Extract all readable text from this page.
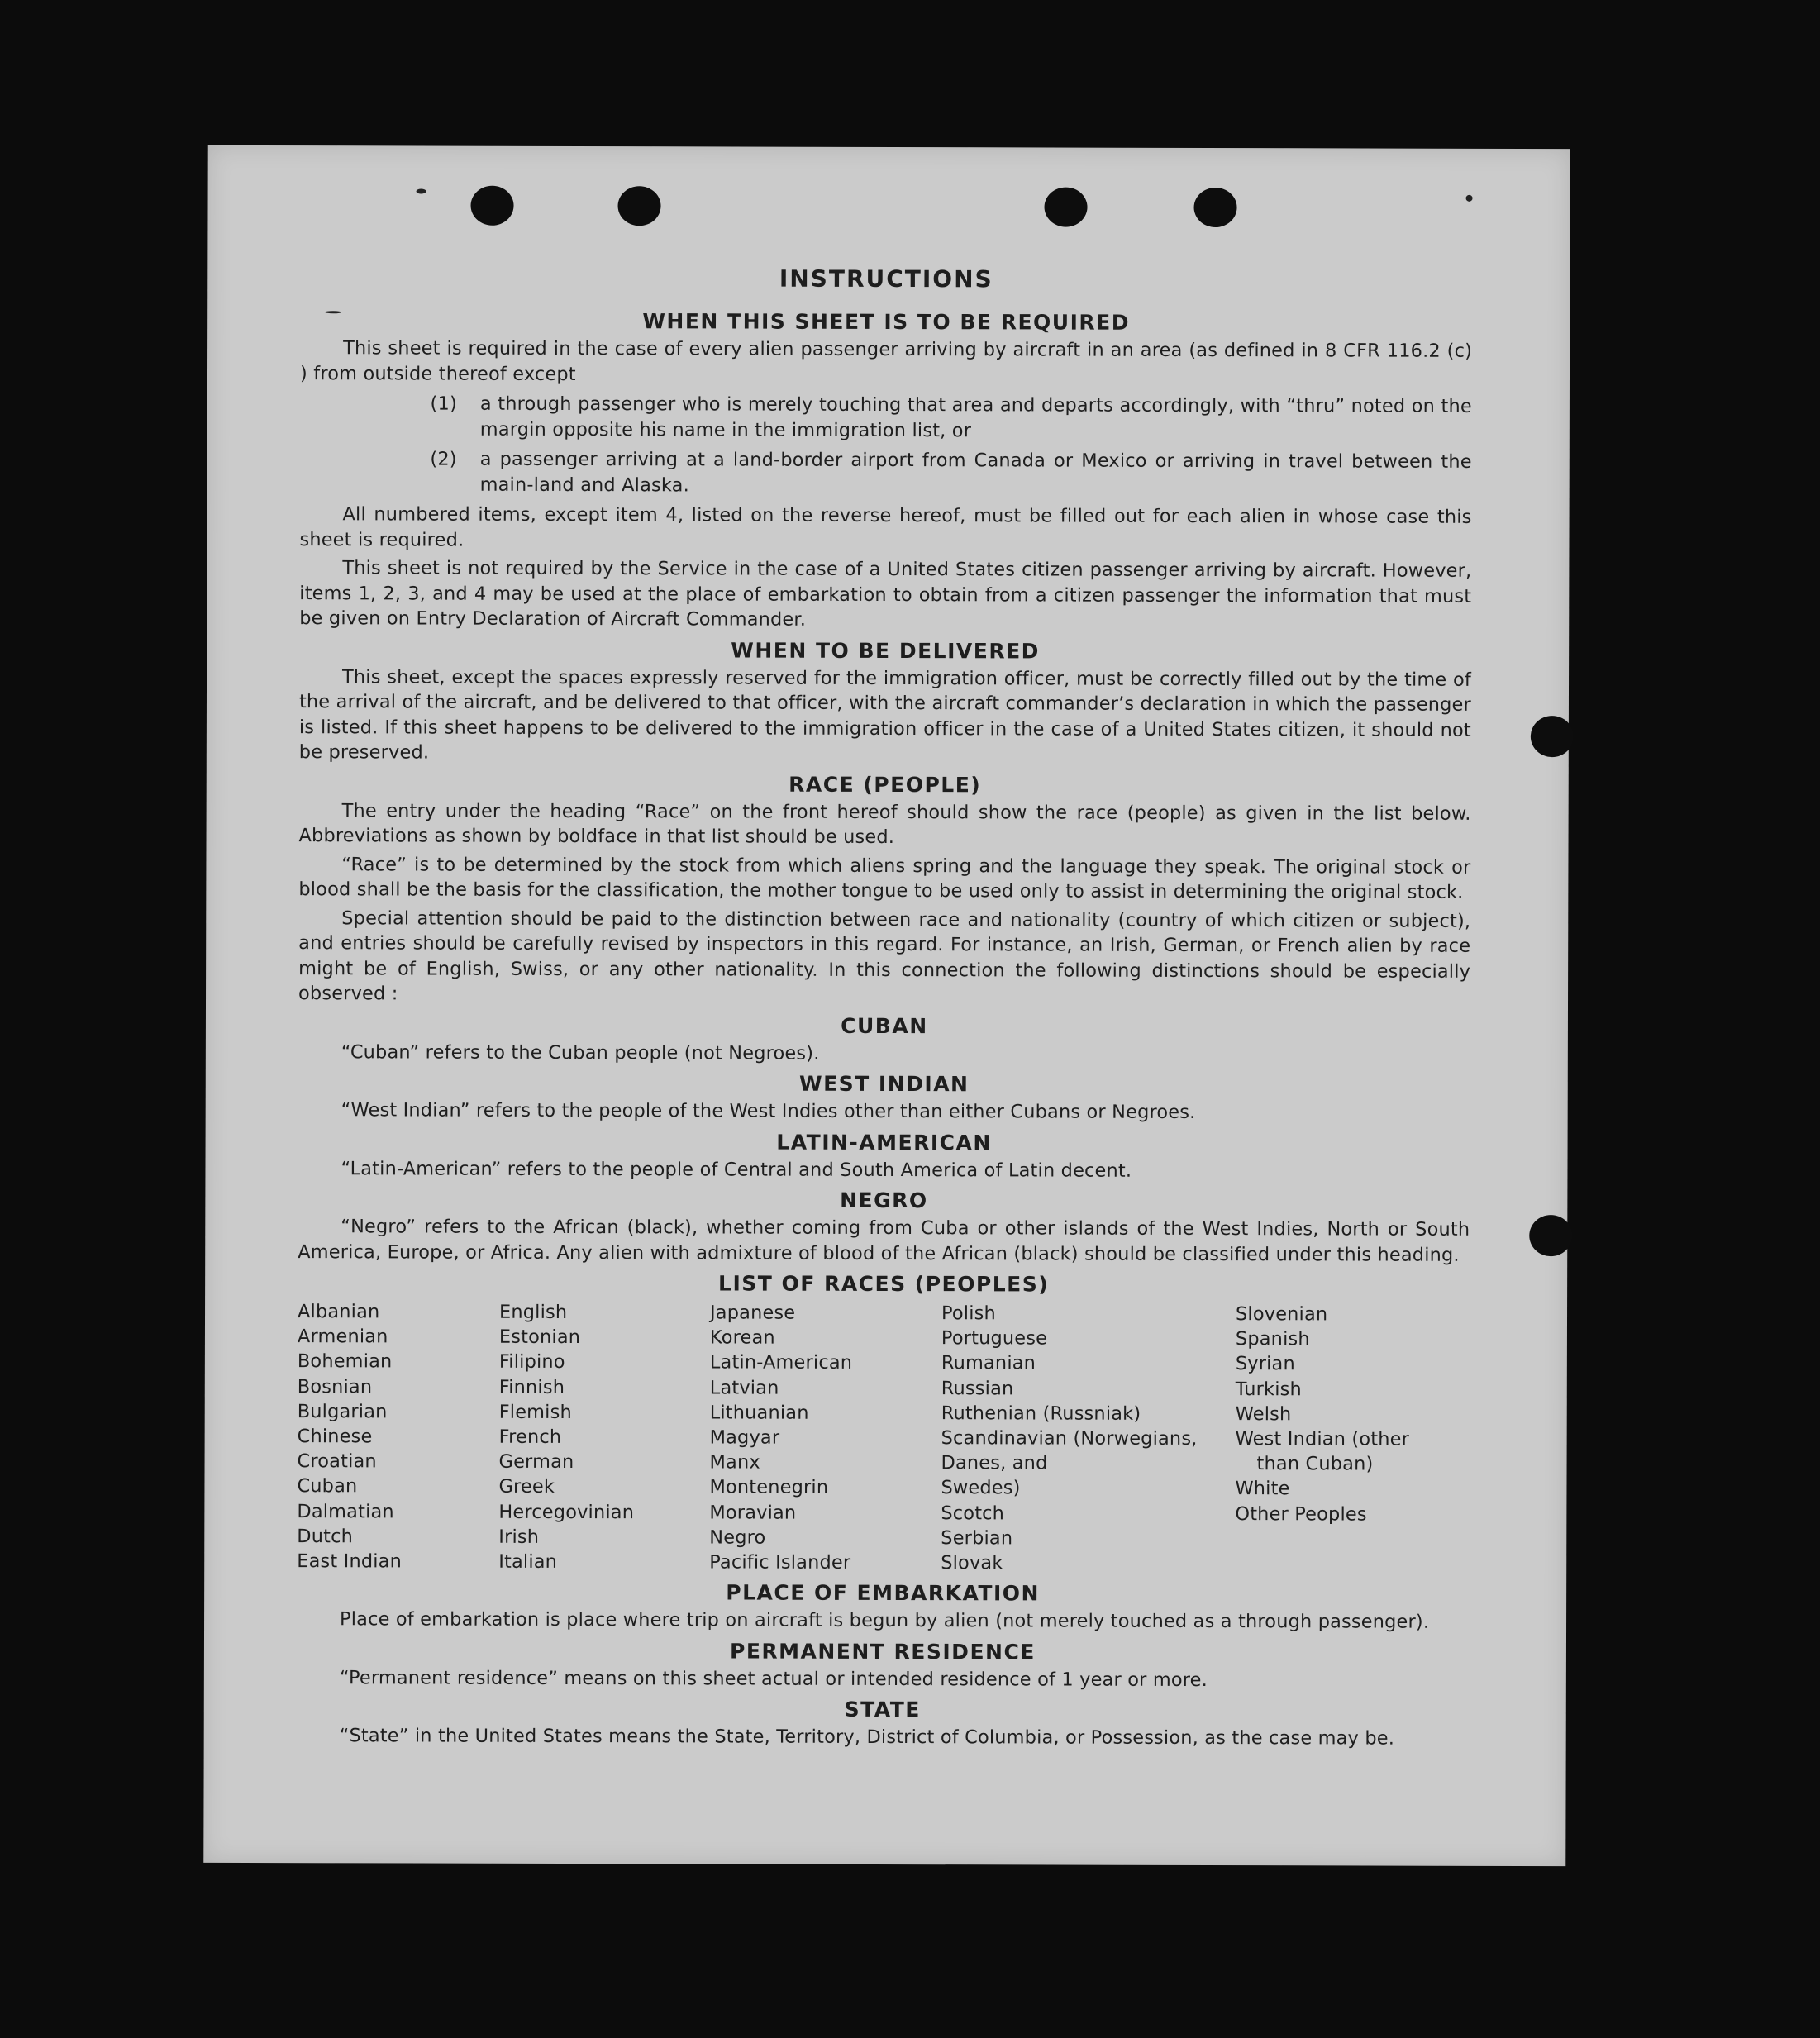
INSTRUCTIONS
WHEN THIS SHEET IS TO BE REQUIRED
This sheet is required in the case of every alien passenger arriving by aircraft in an area (as defined in 8 CFR 116.2 (c) ) from outside thereof except
(1)	a through passenger who is merely touching that area and departs accordingly, with “thru” noted on the margin opposite his name in the immigration list, or
(2)	a passenger arriving at a land-border airport from Canada or Mexico or arriving in travel between the main-land and Alaska.
All numbered items, except item 4, listed on the reverse hereof, must be filled out for each alien in whose case this sheet is required.
This sheet is not required by the Service in the case of a United States citizen passenger arriving by aircraft. However, items 1, 2, 3, and 4 may be used at the place of embarkation to obtain from a citizen passenger the information that must be given on Entry Declaration of Aircraft Commander.
WHEN TO BE DELIVERED
This sheet, except the spaces expressly reserved for the immigration officer, must be correctly filled out by the time of the arrival of the aircraft, and be delivered to that officer, with the aircraft commander’s declaration in which the passenger is listed. If this sheet happens to be delivered to the immigration officer in the case of a United States citizen, it should not be preserved.
RACE (PEOPLE)
The entry under the heading “Race” on the front hereof should show the race (people) as given in the list below. Abbreviations as shown by boldface in that list should be used.
“Race” is to be determined by the stock from which aliens spring and the language they speak. The original stock or blood shall be the basis for the classification, the mother tongue to be used only to assist in determining the original stock.
Special attention should be paid to the distinction between race and nationality (country of which citizen or subject), and entries should be carefully revised by inspectors in this regard. For instance, an Irish, German, or French alien by race might be of English, Swiss, or any other nationality. In this connection the following distinctions should be especially observed :
CUBAN
“Cuban” refers to the Cuban people (not Negroes).
WEST INDIAN
“West Indian” refers to the people of the West Indies other than either Cubans or Negroes.
LATIN-AMERICAN
“Latin-American” refers to the people of Central and South America of Latin decent.
NEGRO
“Negro” refers to the African (black), whether coming from Cuba or other islands of the West Indies, North or South America, Europe, or Africa. Any alien with admixture of blood of the African (black) should be classified under this heading.
LIST OF RACES (PEOPLES)
Albanian
Armenian
Bohemian
Bosnian
Bulgarian
Chinese
Croatian
Cuban
Dalmatian
Dutch
East Indian
English
Estonian
Filipino
Finnish
Flemish
French
German
Greek
Hercegovinian
Irish
Italian
Japanese
Korean
Latin-American
Latvian
Lithuanian
Magyar
Manx
Montenegrin
Moravian
Negro
Pacific Islander
Polish
Portuguese
Rumanian
Russian
Ruthenian (Russniak)
Scandinavian (Norwegians,
Danes, and
Swedes)
Scotch
Serbian
Slovak
Slovenian
Spanish
Syrian
Turkish
Welsh
West Indian (other
than Cuban)
White
Other Peoples
PLACE OF EMBARKATION
Place of embarkation is place where trip on aircraft is begun by alien (not merely touched as a through passenger).
PERMANENT RESIDENCE
“Permanent residence” means on this sheet actual or intended residence of 1 year or more.
STATE
“State” in the United States means the State, Territory, District of Columbia, or Possession, as the case may be.
